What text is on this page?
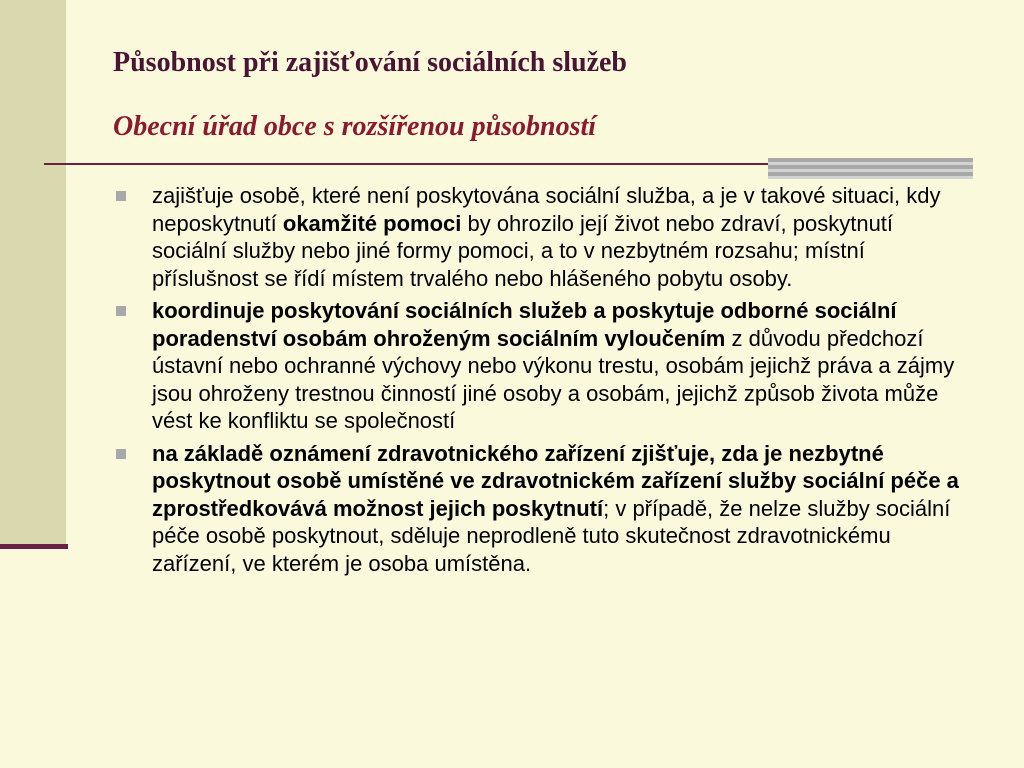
Působnost při zajišťování sociálních služeb
Obecní úřad obce s rozšířenou působností
zajišťuje osobě, které není poskytována sociální služba, a je v takové situaci, kdy neposkytnutí okamžité pomoci by ohrozilo její život nebo zdraví, poskytnutí sociální služby nebo jiné formy pomoci, a to v nezbytném rozsahu; místní příslušnost se řídí místem trvalého nebo hlášeného pobytu osoby.
koordinuje poskytování sociálních služeb a poskytuje odborné sociální poradenství osobám ohroženým sociálním vyloučením z důvodu předchozí ústavní nebo ochranné výchovy nebo výkonu trestu, osobám jejichž práva a zájmy jsou ohroženy trestnou činností jiné osoby a osobám, jejichž způsob života může vést ke konfliktu se společností
na základě oznámení zdravotnického zařízení zjišťuje, zda je nezbytné poskytnout osobě umístěné ve zdravotnickém zařízení služby sociální péče a zprostředkovává možnost jejich poskytnutí; v případě, že nelze služby sociální péče osobě poskytnout, sděluje neprodleně tuto skutečnost zdravotnickému zařízení, ve kterém je osoba umístěna.
